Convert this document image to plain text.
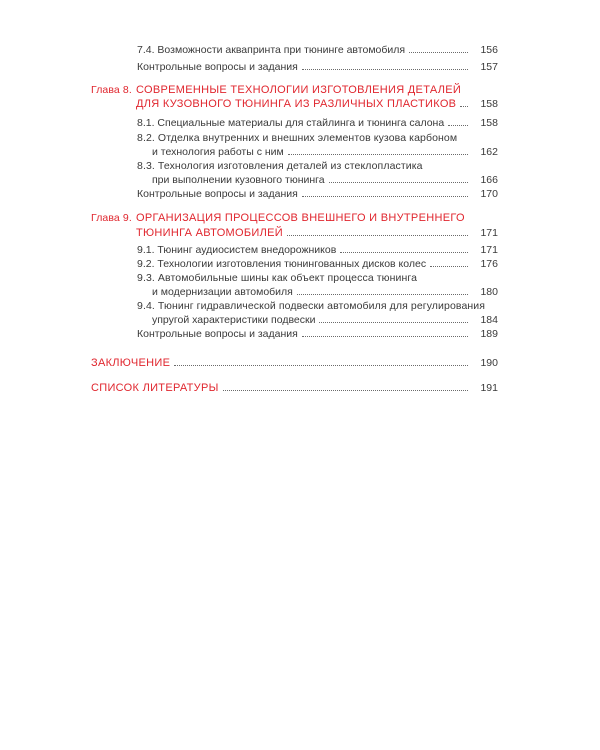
7.4. Возможности аквапринта при тюнинге автомобиля	156
Контрольные вопросы и задания	157
Глава 8. СОВРЕМЕННЫЕ ТЕХНОЛОГИИ ИЗГОТОВЛЕНИЯ ДЕТАЛЕЙ
ДЛЯ КУЗОВНОГО ТЮНИНГА ИЗ РАЗЛИЧНЫХ ПЛАСТИКОВ	158
8.1. Специальные материалы для стайлинга и тюнинга салона	158
8.2. Отделка внутренних и внешних элементов кузова карбоном
и технология работы с ним	162
8.3. Технология изготовления деталей из стеклопластика
при выполнении кузовного тюнинга	166
Контрольные вопросы и задания	170
Глава 9. ОРГАНИЗАЦИЯ ПРОЦЕССОВ ВНЕШНЕГО И ВНУТРЕННЕГО
ТЮНИНГА АВТОМОБИЛЕЙ	171
9.1. Тюнинг аудиосистем внедорожников	171
9.2. Технологии изготовления тюнингованных дисков колес	176
9.3. Автомобильные шины как объект процесса тюнинга
и модернизации автомобиля	180
9.4. Тюнинг гидравлической подвески автомобиля для регулирования
упругой характеристики подвески	184
Контрольные вопросы и задания	189
ЗАКЛЮЧЕНИЕ	190
СПИСОК ЛИТЕРАТУРЫ	191
